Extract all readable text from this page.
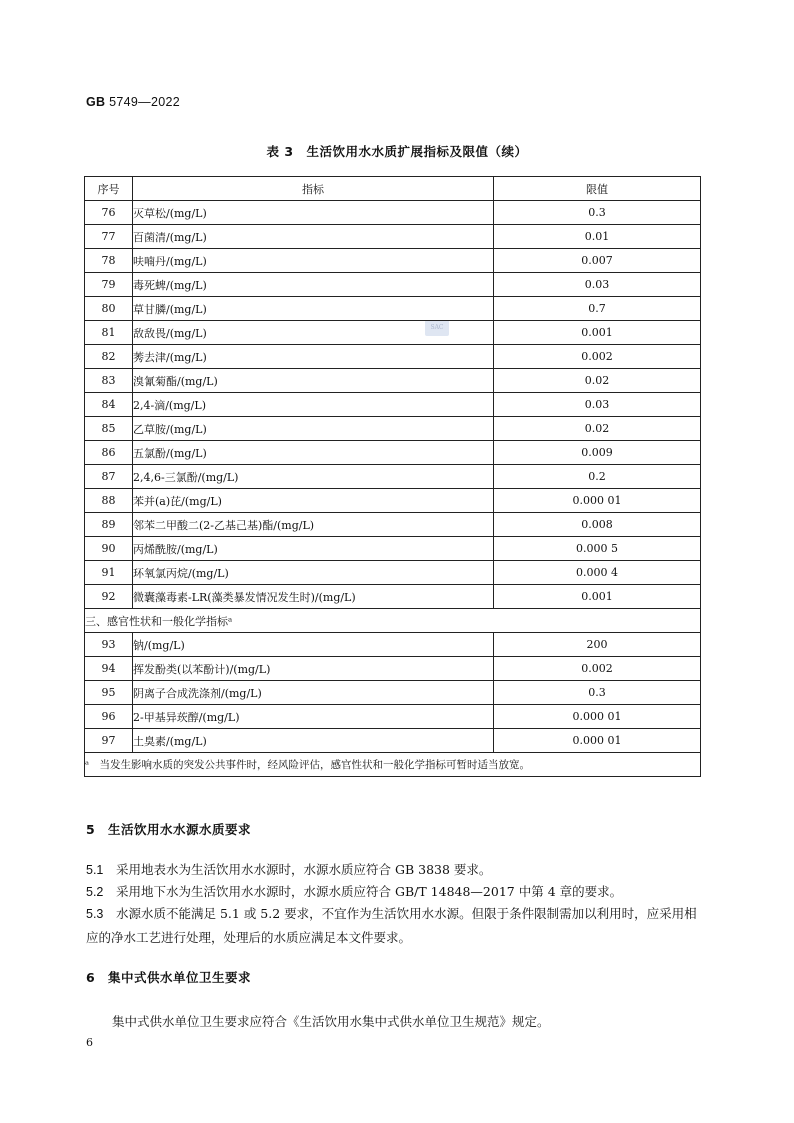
GB 5749—2022
表 3　生活饮用水水质扩展指标及限值（续）
SAC
序号	指标	限值
76	灭草松/(mg/L)	0.3
77	百菌清/(mg/L)	0.01
78	呋喃丹/(mg/L)	0.007
79	毒死蜱/(mg/L)	0.03
80	草甘膦/(mg/L)	0.7
81	敌敌畏/(mg/L)	0.001
82	莠去津/(mg/L)	0.002
83	溴氰菊酯/(mg/L)	0.02
84	2,4-滴/(mg/L)	0.03
85	乙草胺/(mg/L)	0.02
86	五氯酚/(mg/L)	0.009
87	2,4,6-三氯酚/(mg/L)	0.2
88	苯并(a)芘/(mg/L)	0.000 01
89	邻苯二甲酸二(2-乙基己基)酯/(mg/L)	0.008
90	丙烯酰胺/(mg/L)	0.000 5
91	环氧氯丙烷/(mg/L)	0.000 4
92	微囊藻毒素-LR(藻类暴发情况发生时)/(mg/L)	0.001
三、感官性状和一般化学指标ᵃ		
93	钠/(mg/L)	200
94	挥发酚类(以苯酚计)/(mg/L)	0.002
95	阴离子合成洗涤剂/(mg/L)	0.3
96	2-甲基异莰醇/(mg/L)	0.000 01
97	土臭素/(mg/L)	0.000 01
ᵃ　当发生影响水质的突发公共事件时，经风险评估，感官性状和一般化学指标可暂时适当放宽。		
5 生活饮用水水源水质要求
5.1 采用地表水为生活饮用水水源时，水源水质应符合 GB 3838 要求。
5.2 采用地下水为生活饮用水水源时，水源水质应符合 GB/T 14848—2017 中第 4 章的要求。
5.3 水源水质不能满足 5.1 或 5.2 要求，不宜作为生活饮用水水源。但限于条件限制需加以利用时，应采用相应的净水工艺进行处理，处理后的水质应满足本文件要求。
6 集中式供水单位卫生要求
集中式供水单位卫生要求应符合《生活饮用水集中式供水单位卫生规范》规定。
6
